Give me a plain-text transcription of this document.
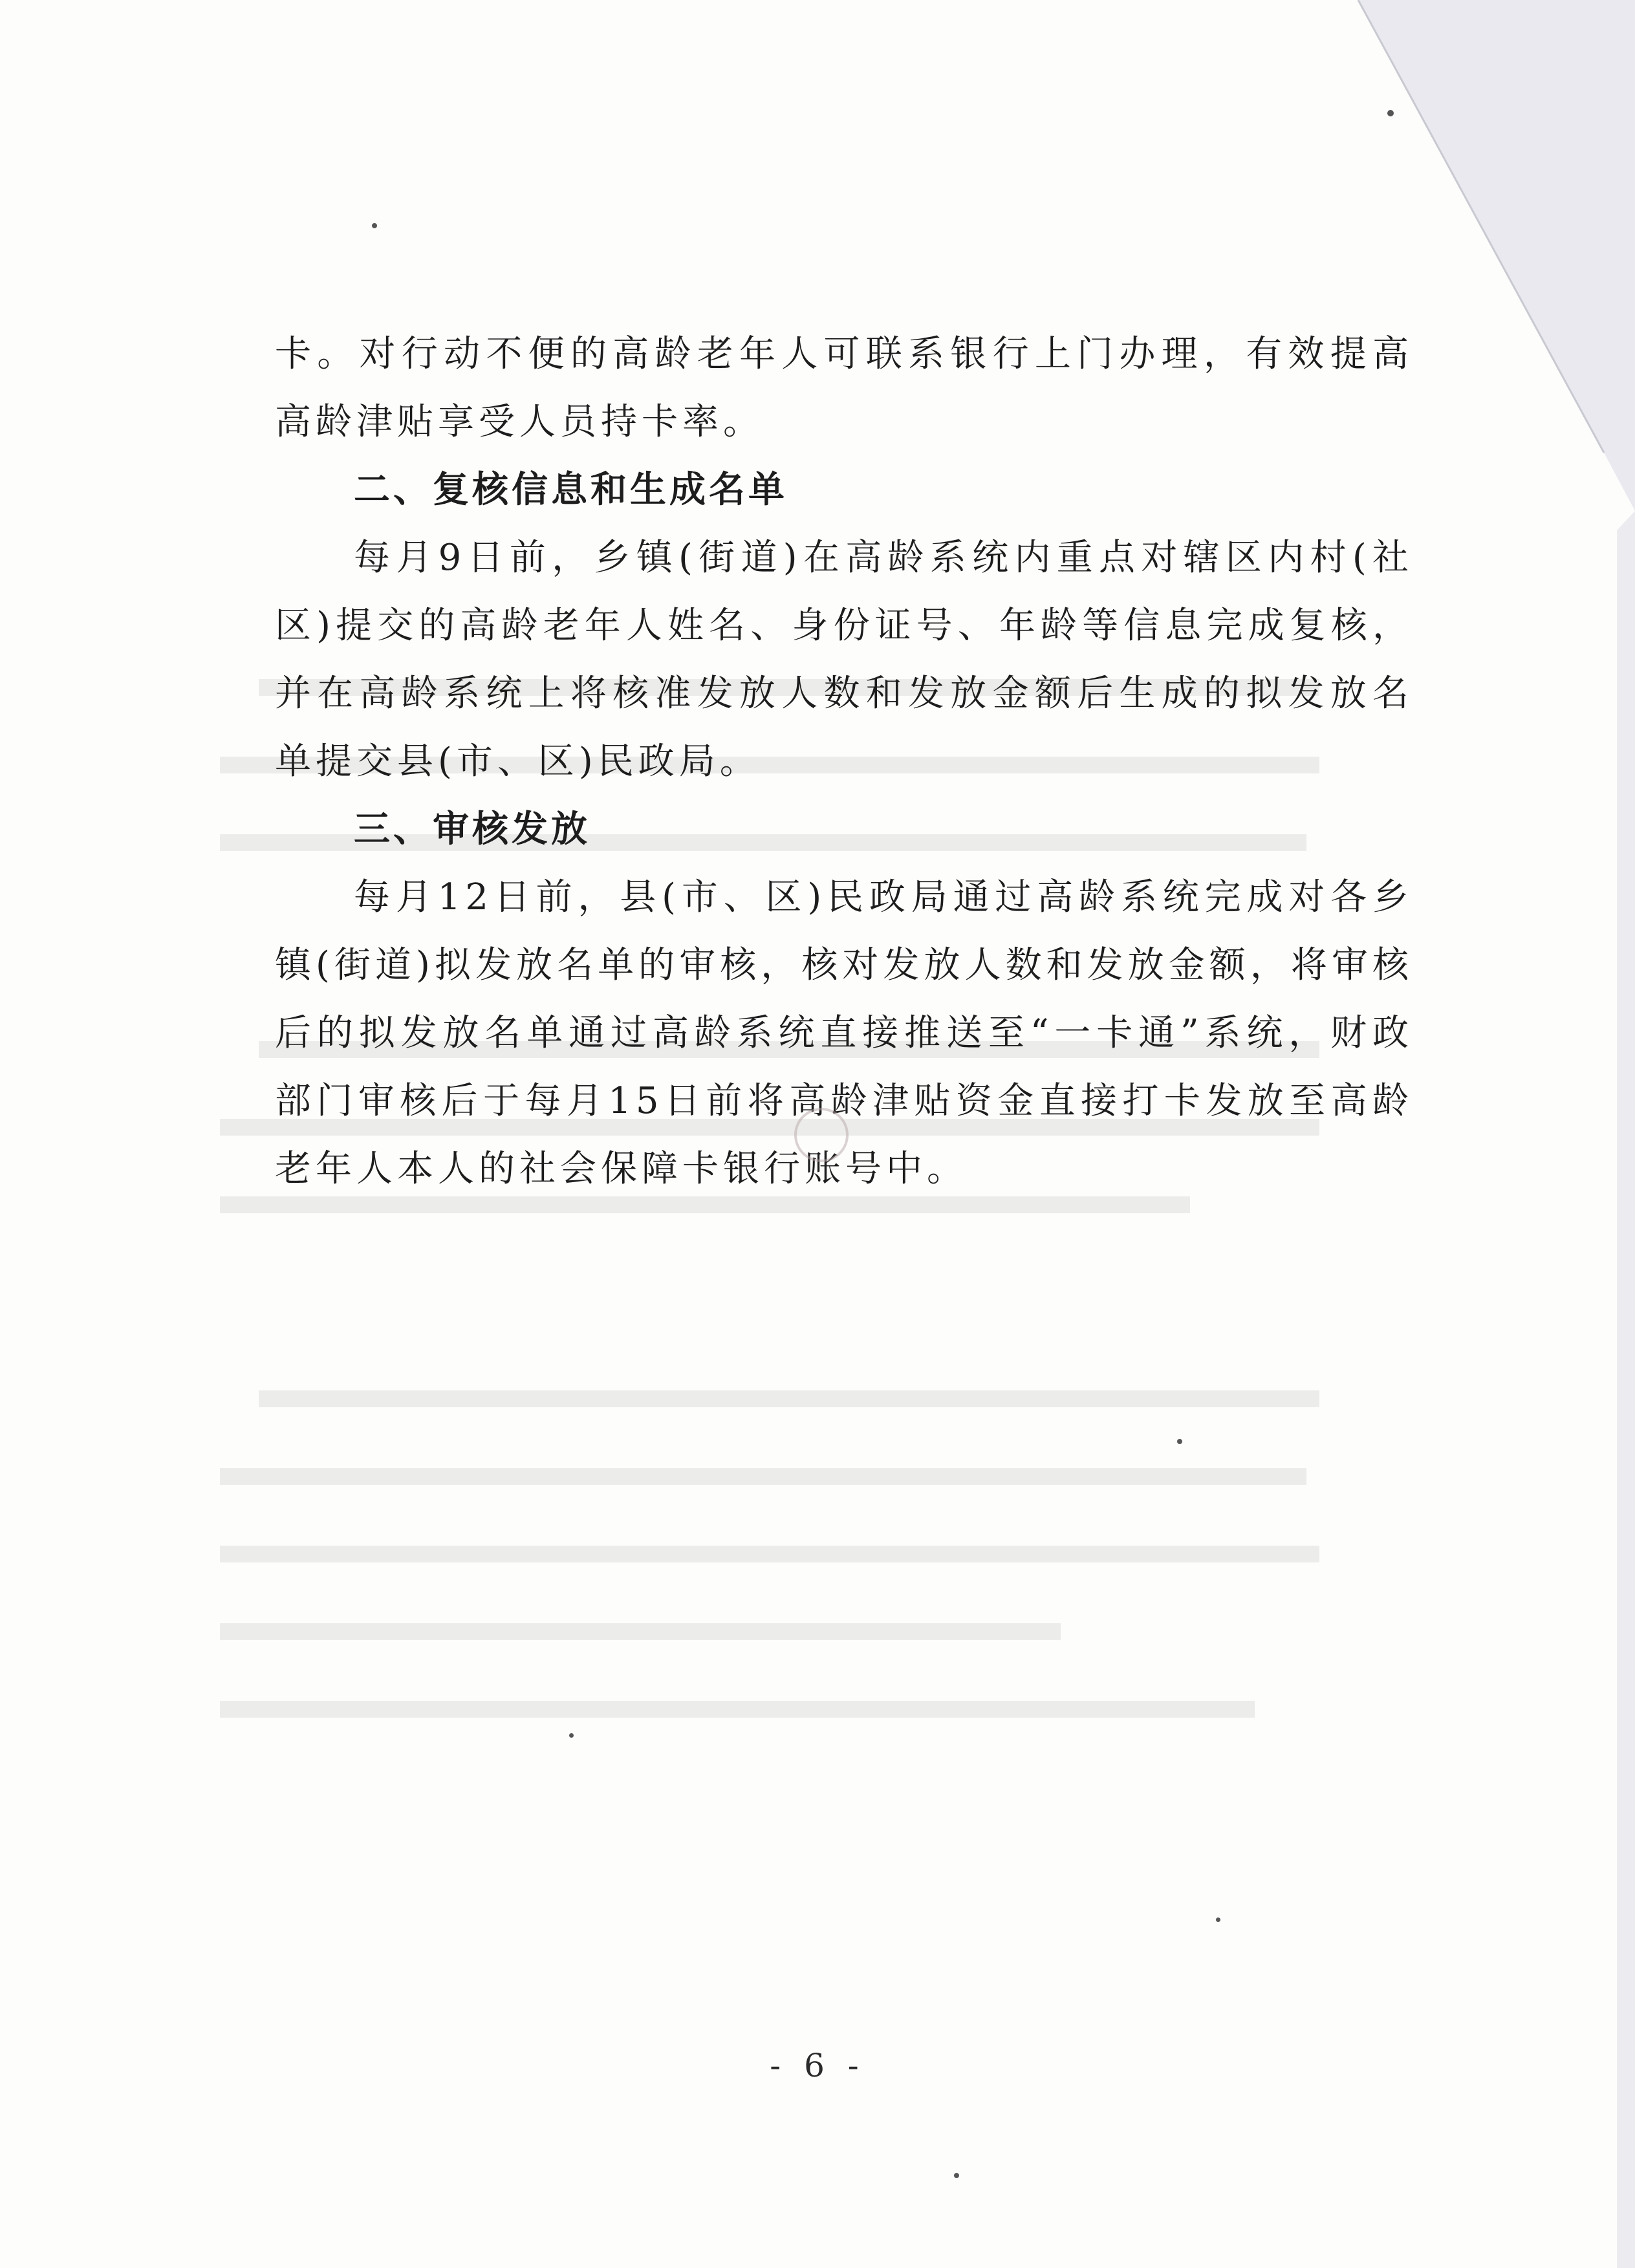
卡。对行动不便的高龄老年人可联系银行上门办理，有效提高高龄津贴享受人员持卡率。

二、复核信息和生成名单

每月9日前，乡镇(街道)在高龄系统内重点对辖区内村(社区)提交的高龄老年人姓名、身份证号、年龄等信息完成复核，并在高龄系统上将核准发放人数和发放金额后生成的拟发放名单提交县(市、区)民政局。

三、审核发放

每月12日前，县(市、区)民政局通过高龄系统完成对各乡镇(街道)拟发放名单的审核，核对发放人数和发放金额，将审核后的拟发放名单通过高龄系统直接推送至“一卡通”系统，财政部门审核后于每月15日前将高龄津贴资金直接打卡发放至高龄老年人本人的社会保障卡银行账号中。

- 6 -
